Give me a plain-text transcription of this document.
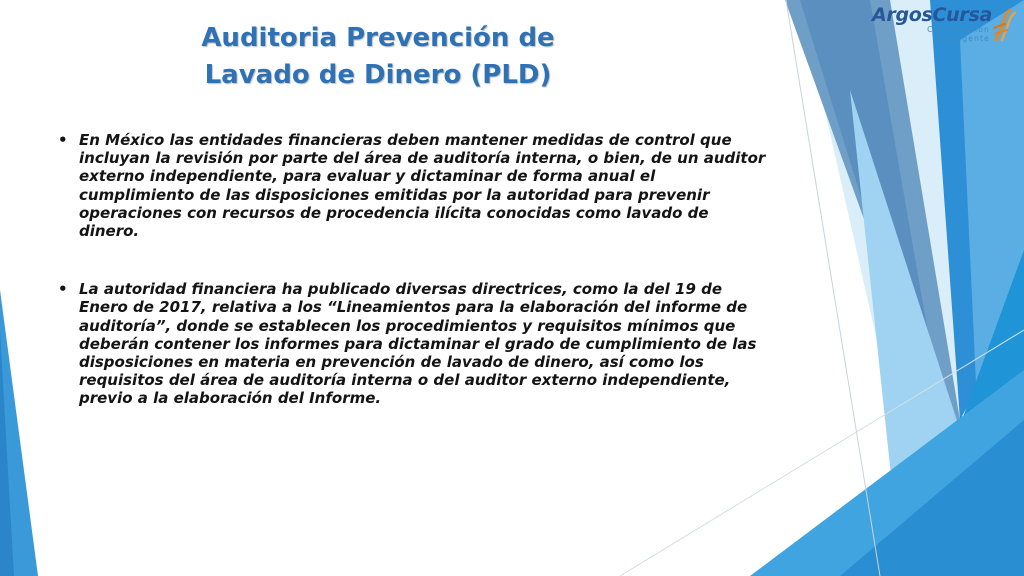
Auditoria Prevención de
Lavado de Dinero (PLD)
• En México las entidades financieras deben mantener medidas de control que incluyan la revisión por parte del área de auditoría interna, o bien, de un auditor externo independiente, para evaluar y dictaminar de forma anual el cumplimiento de las disposiciones emitidas por la autoridad para prevenir operaciones con recursos de procedencia ilícita conocidas como lavado de dinero.
• La autoridad financiera ha publicado diversas directrices, como la del 19 de Enero de 2017, relativa a los “Lineamientos para la elaboración del informe de auditoría”, donde se establecen los procedimientos y requisitos mínimos que deberán contener los informes para dictaminar el grado de cumplimiento de las disposiciones en materia en prevención de lavado de dinero, así como los requisitos del área de auditoría interna o del auditor externo independiente, previo a la elaboración del Informe.
ArgosCursa
Capacitación
Inteligente
